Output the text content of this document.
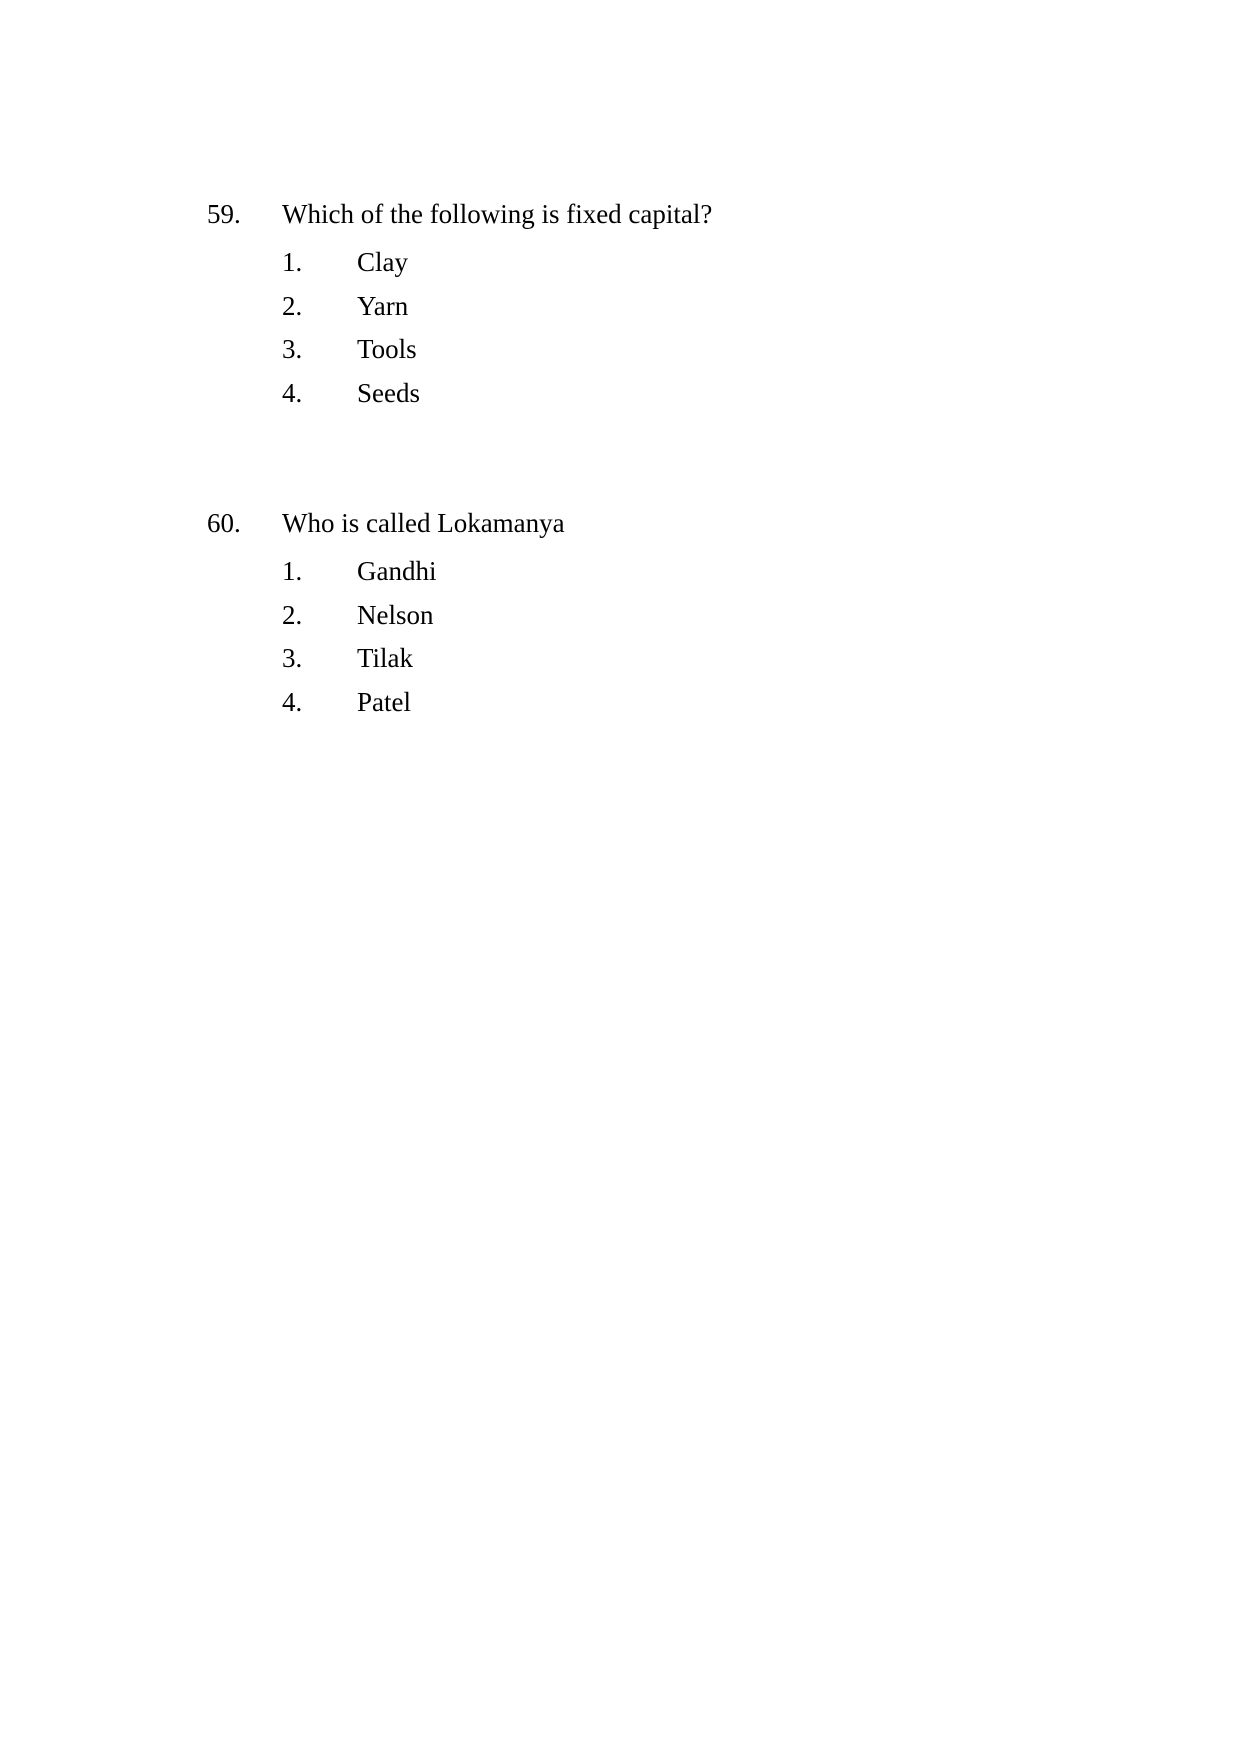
59. Which of the following is fixed capital?
1. Clay
2. Yarn
3. Tools
4. Seeds
60. Who is called Lokamanya
1. Gandhi
2. Nelson
3. Tilak
4. Patel
